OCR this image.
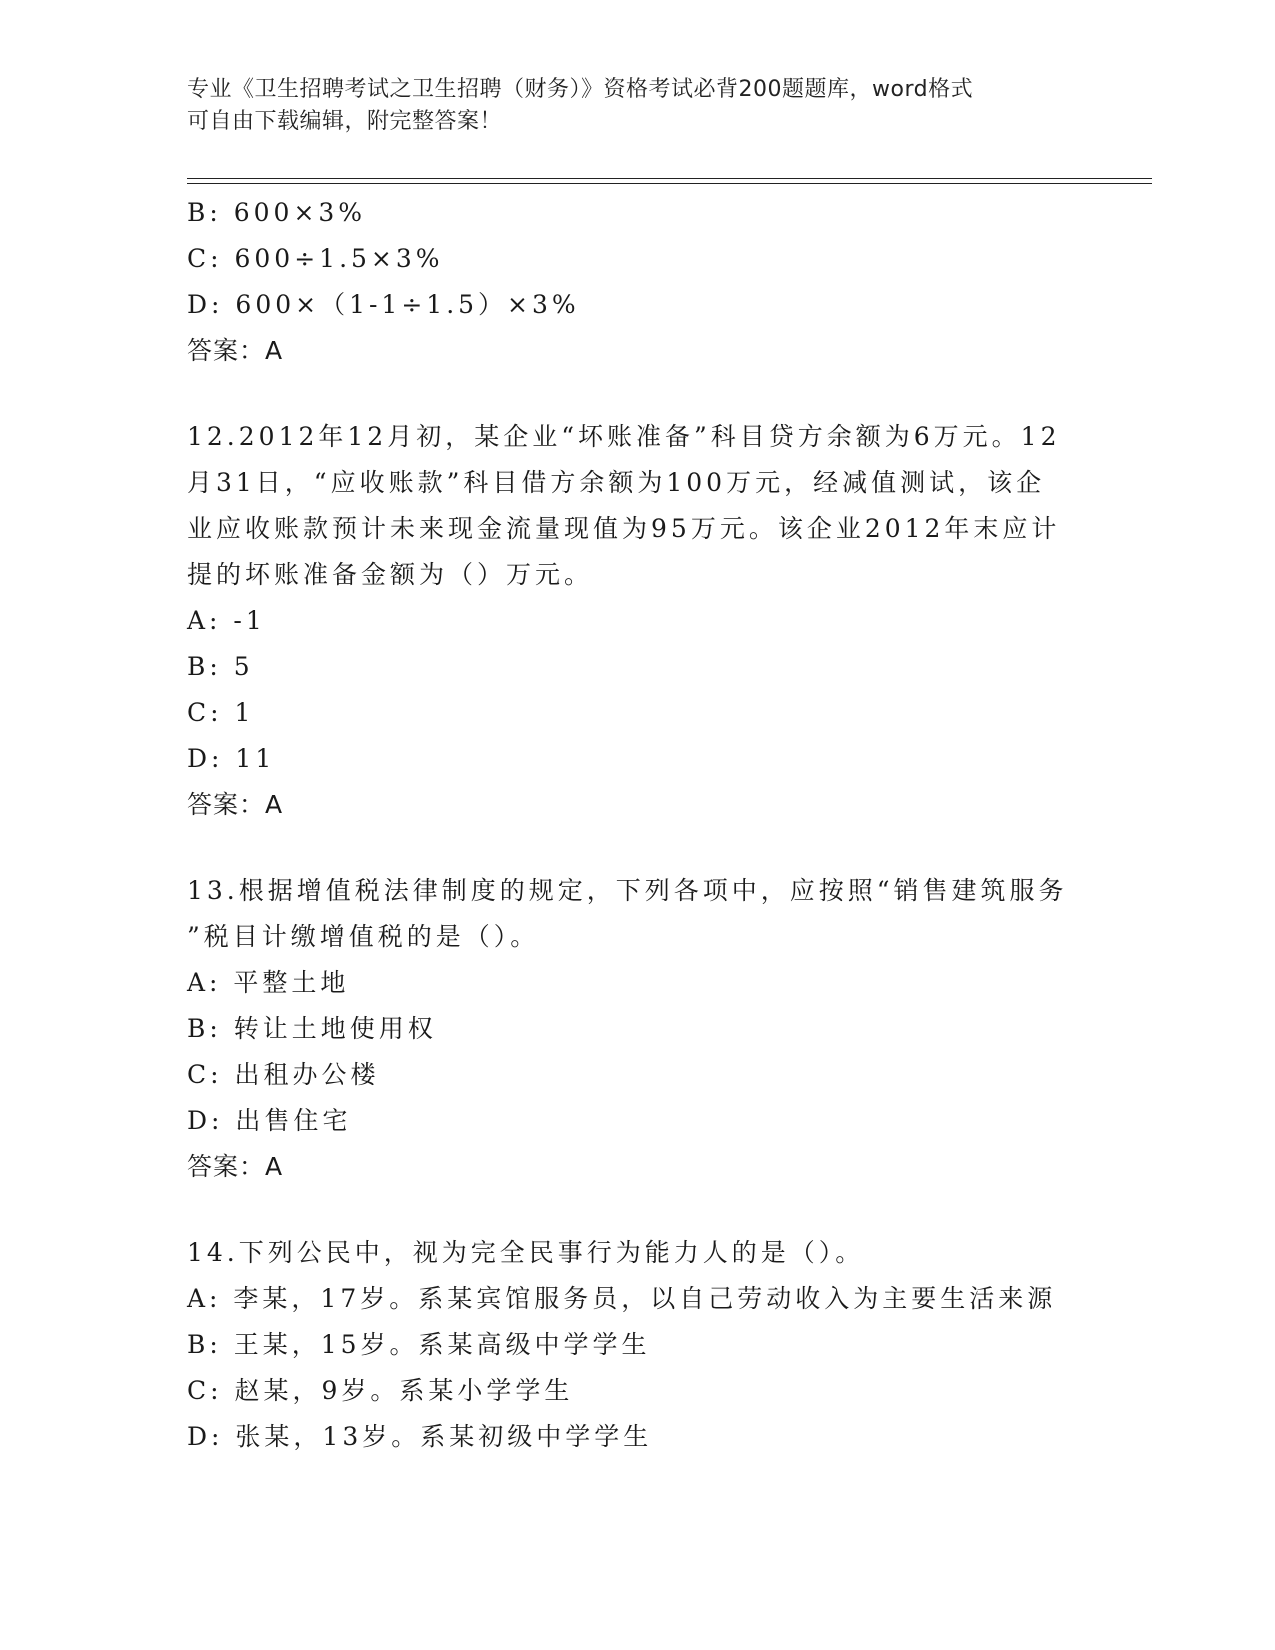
专业《卫生招聘考试之卫生招聘（财务）》资格考试必背200题题库，word格式
可自由下载编辑，附完整答案！
B: 600×3%
C: 600÷1.5×3%
D: 600×（1-1÷1.5）×3%
答案：A
12.2012年12月初，某企业“坏账准备”科目贷方余额为6万元。12
月31日，“应收账款”科目借方余额为100万元，经减值测试，该企
业应收账款预计未来现金流量现值为95万元。该企业2012年末应计
提的坏账准备金额为（）万元。
A: -1
B: 5
C: 1
D: 11
答案：A
13.根据增值税法律制度的规定，下列各项中，应按照“销售建筑服务
”税目计缴增值税的是（）。
A: 平整土地
B: 转让土地使用权
C: 出租办公楼
D: 出售住宅
答案：A
14.下列公民中，视为完全民事行为能力人的是（）。
A: 李某，17岁。系某宾馆服务员，以自己劳动收入为主要生活来源
B: 王某，15岁。系某高级中学学生
C: 赵某，9岁。系某小学学生
D: 张某，13岁。系某初级中学学生
